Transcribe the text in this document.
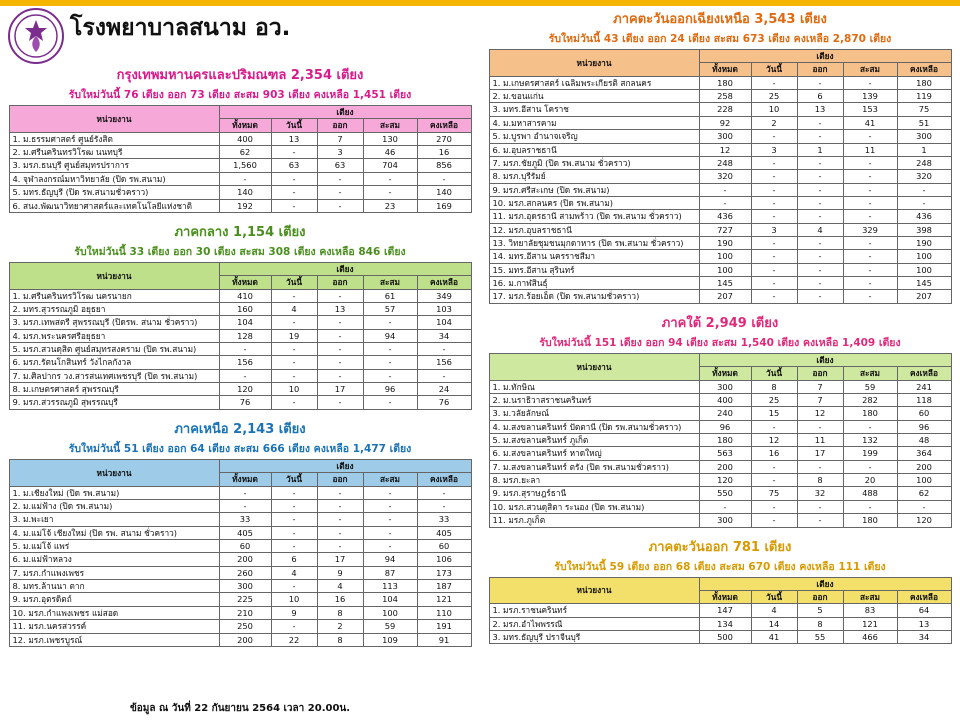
โรงพยาบาลสนาม อว.
กรุงเทพมหานครและปริมณฑล 2,354 เตียง
รับใหม่วันนี้ 76 เตียง ออก 73 เตียง สะสม 903 เตียง คงเหลือ 1,451 เตียง
หน่วยงาน	เตียง				
	ทั้งหมด	วันนี้	ออก	สะสม	คงเหลือ
1. ม.ธรรมศาสตร์ ศูนย์รังสิต	400	13	7	130	270
2. ม.ศรีนครินทรวิโรฒ นนทบุรี	62	-	3	46	16
3. มรภ.ธนบุรี ศูนย์สมุทรปราการ	1,560	63	63	704	856
4. จุฬาลงกรณ์มหาวิทยาลัย (ปิด รพ.สนาม)	-	-	-	-	-
5. มทร.ธัญบุรี (ปิด รพ.สนามชั่วคราว)	140	-	-	-	140
6. สนง.พัฒนาวิทยาศาสตร์และเทคโนโลยีแห่งชาติ	192	-	-	23	169
ภาคกลาง 1,154 เตียง
รับใหม่วันนี้ 33 เตียง ออก 30 เตียง สะสม 308 เตียง คงเหลือ 846 เตียง
หน่วยงาน	เตียง				
	ทั้งหมด	วันนี้	ออก	สะสม	คงเหลือ
1. ม.ศรีนครินทรวิโรฒ นครนายก	410	-	-	61	349
2. มทร.สุวรรณภูมิ อยุธยา	160	4	13	57	103
3. มรภ.เทพสตรี สุพรรณบุรี (ปิดรพ. สนาม ชั่วคราว)	104	-	-	-	104
4. มรภ.พระนครศรีอยุธยา	128	19	-	94	34
5. มรภ.สวนดุสิต ศูนย์สมุทรสงคราม (ปิด รพ.สนาม)	-	-	-	-	-
6. มรภ.รัตนโกสินทร์ วังไกลกังวล	156	-	-	-	156
7. ม.ศิลปากร วง.สารสนเทศเพชรบุรี (ปิด รพ.สนาม)	-	-	-	-	-
8. ม.เกษตรศาสตร์ สุพรรณบุรี	120	10	17	96	24
9. มรภ.สวรรณภูมิ สุพรรณบุรี	76	-	-	-	76
ภาคเหนือ 2,143 เตียง
รับใหม่วันนี้ 51 เตียง ออก 64 เตียง สะสม 666 เตียง คงเหลือ 1,477 เตียง
หน่วยงาน	เตียง				
	ทั้งหมด	วันนี้	ออก	สะสม	คงเหลือ
1. ม.เชียงใหม่ (ปิด รพ.สนาม)	-	-	-	-	-
2. ม.แม่ฟ้าง (ปิด รพ.สนาม)	-	-	-	-	-
3. ม.พะเยา	33	-	-	-	33
4. ม.แม่โจ้ เชียงใหม่ (ปิด รพ. สนาม ชั่วคราว)	405	-	-	-	405
5. ม.แม่โจ้ แพร่	60	-	-	-	60
6. ม.แม่ฟ้าหลวง	200	6	17	94	106
7. มรภ.กำแพงเพชร	260	4	9	87	173
8. มทร.ล้านนา ตาก	300	-	4	113	187
9. มรภ.อุตรดิตถ์	225	10	16	104	121
10. มรภ.กำแพงเพชร แม่สอด	210	9	8	100	110
11. มรภ.นครสวรรค์	250	-	2	59	191
12. มรภ.เพชรบูรณ์	200	22	8	109	91
ข้อมูล ณ วันที่ 22 กันยายน 2564 เวลา 20.00น.
ภาคตะวันออกเฉียงเหนือ 3,543 เตียง
รับใหม่วันนี้ 43 เตียง ออก 24 เตียง สะสม 673 เตียง คงเหลือ 2,870 เตียง
หน่วยงาน	เตียง				
	ทั้งหมด	วันนี้	ออก	สะสม	คงเหลือ
1. ม.เกษตรศาสตร์ เฉลิมพระเกียรติ สกลนคร	180	-	-	-	180
2. ม.ขอนแก่น	258	25	6	139	119
3. มทร.อีสาน โคราช	228	10	13	153	75
4. ม.มหาสารคาม	92	2	-	41	51
5. ม.บูรพา อำนาจเจริญ	300	-	-	-	300
6. ม.อุบลราชธานี	12	3	1	11	1
7. มรภ.ชัยภูมิ (ปิด รพ.สนาม ชั่วคราว)	248	-	-	-	248
8. มรภ.บุรีรัมย์	320	-	-	-	320
9. มรภ.ศรีสะเกษ (ปิด รพ.สนาม)	-	-	-	-	-
10. มรภ.สกลนคร (ปิด รพ.สนาม)	-	-	-	-	-
11. มรภ.อุดรธานี สามพร้าว (ปิด รพ.สนาม ชั่วคราว)	436	-	-	-	436
12. มรภ.อุบลราชธานี	727	3	4	329	398
13. วิทยาลัยชุมชนมุกดาหาร (ปิด รพ.สนาม ชั่วคราว)	190	-	-	-	190
14. มทร.อีสาน นครราชสีมา	100	-	-	-	100
15. มทร.อีสาน สุรินทร์	100	-	-	-	100
16. ม.กาฬสินธุ์	145	-	-	-	145
17. มรภ.ร้อยเอ็ด (ปิด รพ.สนามชั่วคราว)	207	-	-	-	207
ภาคใต้ 2,949 เตียง
รับใหม่วันนี้ 151 เตียง ออก 94 เตียง สะสม 1,540 เตียง คงเหลือ 1,409 เตียง
หน่วยงาน	เตียง				
	ทั้งหมด	วันนี้	ออก	สะสม	คงเหลือ
1. ม.ทักษิณ	300	8	7	59	241
2. ม.นราธิวาสราชนครินทร์	400	25	7	282	118
3. ม.วลัยลักษณ์	240	15	12	180	60
4. ม.สงขลานครินทร์ ปัตตานี (ปิด รพ.สนามชั่วคราว)	96	-	-	-	96
5. ม.สงขลานครินทร์ ภูเก็ต	180	12	11	132	48
6. ม.สงขลานครินทร์ หาดใหญ่	563	16	17	199	364
7. ม.สงขลานครินทร์ ตรัง (ปิด รพ.สนามชั่วคราว)	200	-	-	-	200
8. มรภ.ยะลา	120	-	8	20	100
9. มรภ.สุราษฎร์ธานี	550	75	32	488	62
10. มรภ.สวนดุสิตา ระนอง (ปิด รพ.สนาม)	-	-	-	-	-
11. มรภ.ภูเก็ต	300	-	-	180	120
ภาคตะวันออก 781 เตียง
รับใหม่วันนี้ 59 เตียง ออก 68 เตียง สะสม 670 เตียง คงเหลือ 111 เตียง
หน่วยงาน	เตียง				
	ทั้งหมด	วันนี้	ออก	สะสม	คงเหลือ
1. มรภ.ราชนครินทร์	147	4	5	83	64
2. มรภ.อำไพพรรณี	134	14	8	121	13
3. มทร.ธัญบุรี ปราจีนบุรี	500	41	55	466	34
